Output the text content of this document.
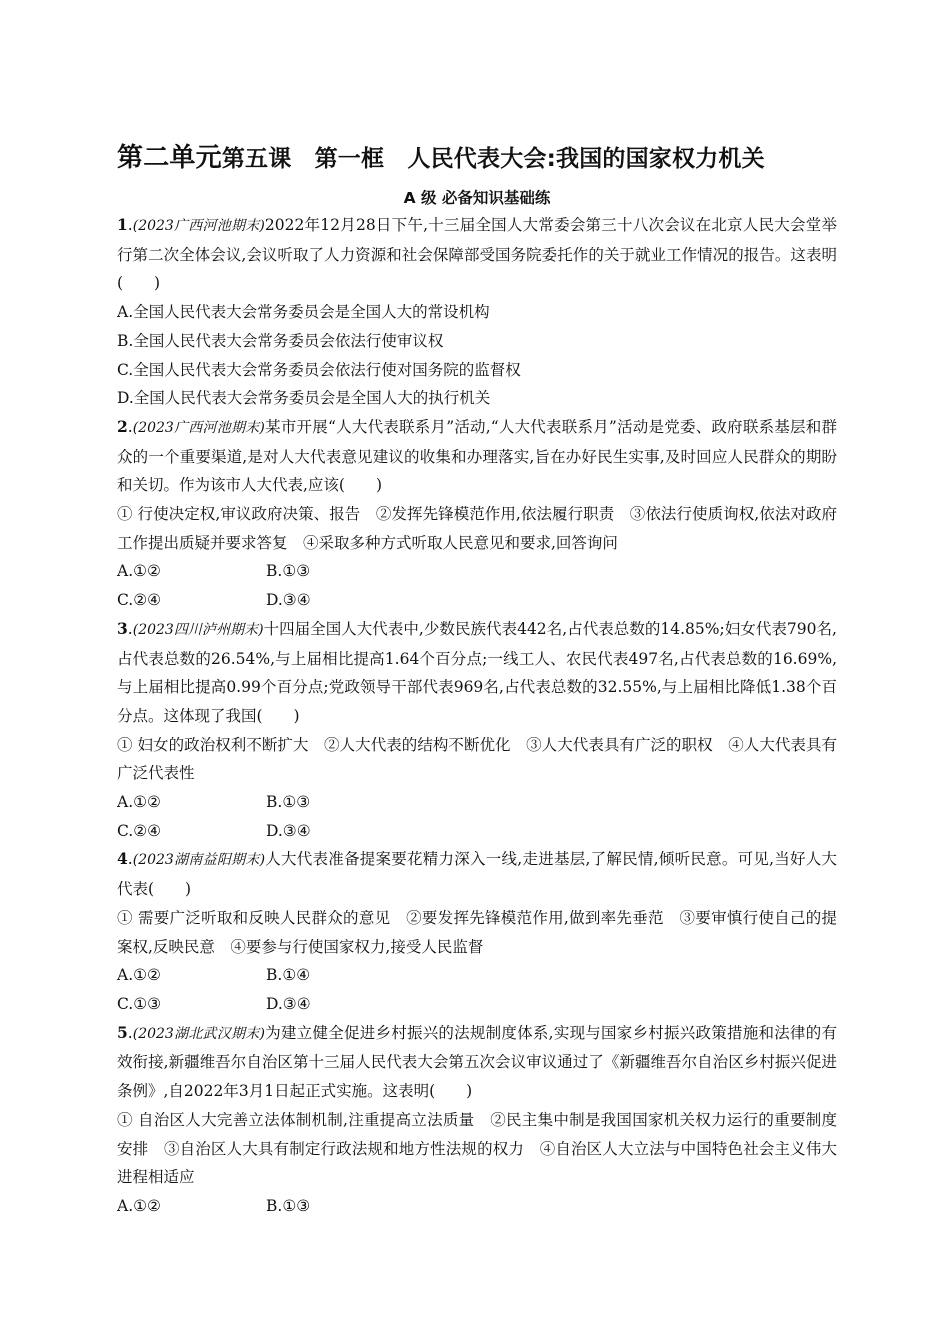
第二单元第五课　第一框　人民代表大会:我国的国家权力机关
A 级 必备知识基础练
1.(2023广西河池期末)2022年12月28日下午,十三届全国人大常委会第三十八次会议在北京人民大会堂举行第二次全体会议,会议听取了人力资源和社会保障部受国务院委托作的关于就业工作情况的报告。这表明(　　)
A.全国人民代表大会常务委员会是全国人大的常设机构
B.全国人民代表大会常务委员会依法行使审议权
C.全国人民代表大会常务委员会依法行使对国务院的监督权
D.全国人民代表大会常务委员会是全国人大的执行机关
2.(2023广西河池期末)某市开展“人大代表联系月”活动,“人大代表联系月”活动是党委、政府联系基层和群众的一个重要渠道,是对人大代表意见建议的收集和办理落实,旨在办好民生实事,及时回应人民群众的期盼和关切。作为该市人大代表,应该(　　)
① 行使决定权,审议政府决策、报告　②发挥先锋模范作用,依法履行职责　③依法行使质询权,依法对政府工作提出质疑并要求答复　④采取多种方式听取人民意见和要求,回答询问
A.①②	B.①③
C.②④	D.③④
3.(2023四川泸州期末)十四届全国人大代表中,少数民族代表442名,占代表总数的14.85%;妇女代表790名,占代表总数的26.54%,与上届相比提高1.64个百分点;一线工人、农民代表497名,占代表总数的16.69%,与上届相比提高0.99个百分点;党政领导干部代表969名,占代表总数的32.55%,与上届相比降低1.38个百分点。这体现了我国(　　)
① 妇女的政治权利不断扩大　②人大代表的结构不断优化　③人大代表具有广泛的职权　④人大代表具有广泛代表性
A.①②	B.①③
C.②④	D.③④
4.(2023湖南益阳期末)人大代表准备提案要花精力深入一线,走进基层,了解民情,倾听民意。可见,当好人大代表(　　)
① 需要广泛听取和反映人民群众的意见　②要发挥先锋模范作用,做到率先垂范　③要审慎行使自己的提案权,反映民意　④要参与行使国家权力,接受人民监督
A.①②	B.①④
C.①③	D.③④
5.(2023湖北武汉期末)为建立健全促进乡村振兴的法规制度体系,实现与国家乡村振兴政策措施和法律的有效衔接,新疆维吾尔自治区第十三届人民代表大会第五次会议审议通过了《新疆维吾尔自治区乡村振兴促进条例》,自2022年3月1日起正式实施。这表明(　　)
① 自治区人大完善立法体制机制,注重提高立法质量　②民主集中制是我国国家机关权力运行的重要制度安排　③自治区人大具有制定行政法规和地方性法规的权力　④自治区人大立法与中国特色社会主义伟大进程相适应
A.①②	B.①③
